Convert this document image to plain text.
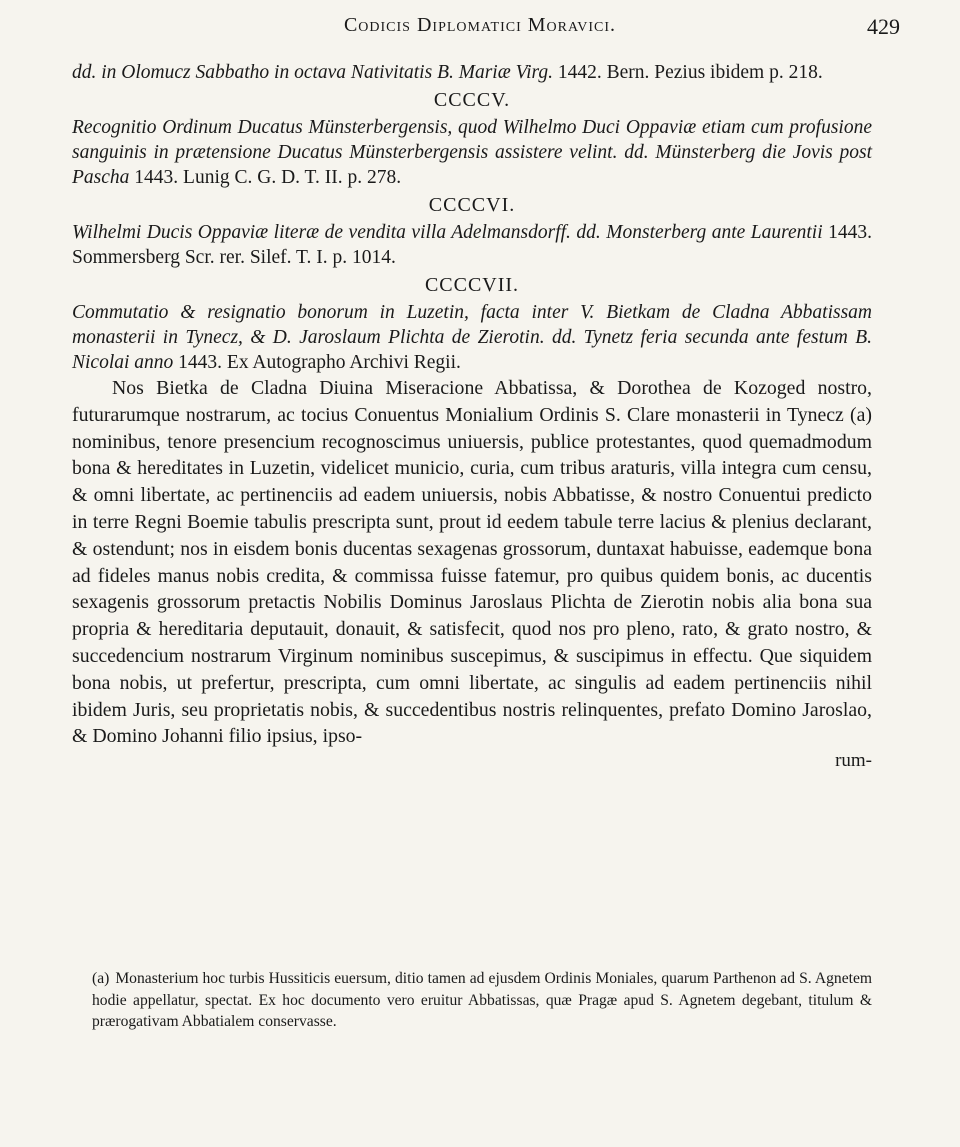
Codicis Diplomatici Moravici.	429

dd. in Olomucz Sabbatho in octava Nativitatis B. Mariæ Virg. 1442. Bern. Pezius ibidem p. 218.

CCCCV.

Recognitio Ordinum Ducatus Münsterbergensis, quod Wilhelmo Duci Oppaviæ etiam cum profusione sanguinis in prætensione Ducatus Münsterbergensis assistere velint. dd. Münsterberg die Jovis post Pascha 1443. Lunig C. G. D. T. II. p. 278.

CCCCVI.

Wilhelmi Ducis Oppaviæ literæ de vendita villa Adelmansdorff. dd. Monsterberg ante Laurentii 1443. Sommersberg Scr. rer. Silef. T. I. p. 1014.

CCCCVII.

Commutatio & resignatio bonorum in Luzetin, facta inter V. Bietkam de Cladna Abbatissam monasterii in Tynecz, & D. Jaroslaum Plichta de Zierotin. dd. Tynetz feria secunda ante festum B. Nicolai anno 1443. Ex Autographo Archivi Regii.

Nos Bietka de Cladna Diuina Miseracione Abbatissa, & Dorothea de Kozoged nostro, futurarumque nostrarum, ac tocius Conuentus Monialium Ordinis S. Clare monasterii in Tynecz (a) nominibus, tenore presencium recognoscimus uniuersis, publice protestantes, quod quemadmodum bona & hereditates in Luzetin, videlicet municio, curia, cum tribus araturis, villa integra cum censu, & omni libertate, ac pertinenciis ad eadem uniuersis, nobis Abbatisse, & nostro Conuentui predicto in terre Regni Boemie tabulis prescripta sunt, prout id eedem tabule terre lacius & plenius declarant, & ostendunt; nos in eisdem bonis ducentas sexagenas grossorum, duntaxat habuisse, eademque bona ad fideles manus nobis credita, & commissa fuisse fatemur, pro quibus quidem bonis, ac ducentis sexagenis grossorum pretactis Nobilis Dominus Jaroslaus Plichta de Zierotin nobis alia bona sua propria & hereditaria deputauit, donauit, & satisfecit, quod nos pro pleno, rato, & grato nostro, & succedencium nostrarum Virginum nominibus suscepimus, & suscipimus in effectu. Que siquidem bona nobis, ut prefertur, prescripta, cum omni libertate, ac singulis ad eadem pertinenciis nihil ibidem Juris, seu proprietatis nobis, & succedentibus nostris relinquentes, prefato Domino Jaroslao, & Domino Johanni filio ipsius, ipso-

rum-

(a) Monasterium hoc turbis Hussiticis euersum, ditio tamen ad ejusdem Ordinis Moniales, quarum Parthenon ad S. Agnetem hodie appellatur, spectat. Ex hoc documento vero eruitur Abbatissas, quæ Pragæ apud S. Agnetem degebant, titulum & prærogativam Abbatialem conservasse.
